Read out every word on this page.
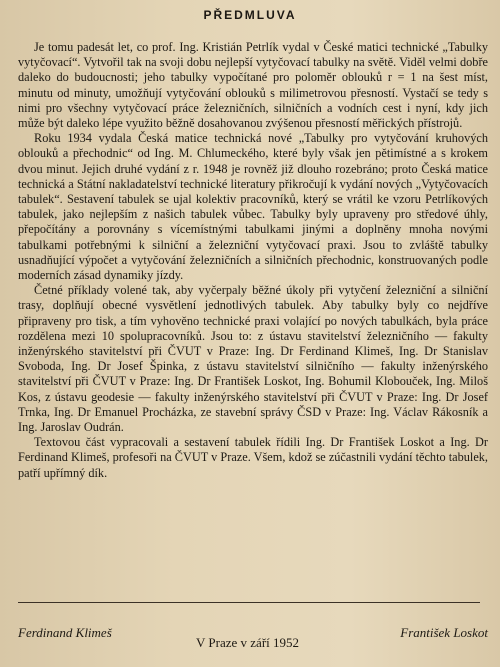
PŘEDMLUVA

Je tomu padesát let, co prof. Ing. Kristián Petrlík vydal v České matici technické „Tabulky vytyčovací“. Vytvořil tak na svoji dobu nejlepší vytyčovací tabulky na světě. Viděl velmi dobře daleko do budoucnosti; jeho tabulky vypočítané pro poloměr oblouků r = 1 na šest míst, minutu od minuty, umožňují vytyčování oblouků s milimetrovou přesností. Vystačí se tedy s nimi pro všechny vytyčovací práce železničních, silničních a vodních cest i nyní, kdy jich může být daleko lépe využito běžně dosahovanou zvýšenou přesností měřických přístrojů.

Roku 1934 vydala Česká matice technická nové „Tabulky pro vytyčování kruhových oblouků a přechodnic“ od Ing. M. Chlumeckého, které byly však jen pětimístné a s krokem dvou minut. Jejich druhé vydání z r. 1948 je rovněž již dlouho rozebráno; proto Česká matice technická a Státní nakladatelství technické literatury přikročují k vydání nových „Vytyčovacích tabulek“. Sestavení tabulek se ujal kolektiv pracovníků, který se vrátil ke vzoru Petrlíkových tabulek, jako nejlepším z našich tabulek vůbec. Tabulky byly upraveny pro středové úhly, přepočítány a porovnány s vícemístnými tabulkami jinými a doplněny mnoha novými tabulkami potřebnými k silniční a železniční vytyčovací praxi. Jsou to zvláště tabulky usnadňující výpočet a vytyčování železničních a silničních přechodnic, konstruovaných podle moderních zásad dynamiky jízdy.

Četné příklady volené tak, aby vyčerpaly běžné úkoly při vytyčení železniční a silniční trasy, doplňují obecné vysvětlení jednotlivých tabulek. Aby tabulky byly co nejdříve připraveny pro tisk, a tím vyhověno technické praxi volající po nových tabulkách, byla práce rozdělena mezi 10 spolupracovníků. Jsou to: z ústavu stavitelství železničního — fakulty inženýrského stavitelství při ČVUT v Praze: Ing. Dr Ferdinand Klimeš, Ing. Dr Stanislav Svoboda, Ing. Dr Josef Špinka, z ústavu stavitelství silničního — fakulty inženýrského stavitelství při ČVUT v Praze: Ing. Dr František Loskot, Ing. Bohumil Klobouček, Ing. Miloš Kos, z ústavu geodesie — fakulty inženýrského stavitelství při ČVUT v Praze: Ing. Dr Josef Trnka, Ing. Dr Emanuel Procházka, ze stavební správy ČSD v Praze: Ing. Václav Rákosník a Ing. Jaroslav Oudrán.

Textovou část vypracovali a sestavení tabulek řídili Ing. Dr František Loskot a Ing. Dr Ferdinand Klimeš, profesoři na ČVUT v Praze. Všem, kdož se zúčastnili vydání těchto tabulek, patří upřímný dík.

Ferdinand Klimeš
V Praze v září 1952
František Loskot
